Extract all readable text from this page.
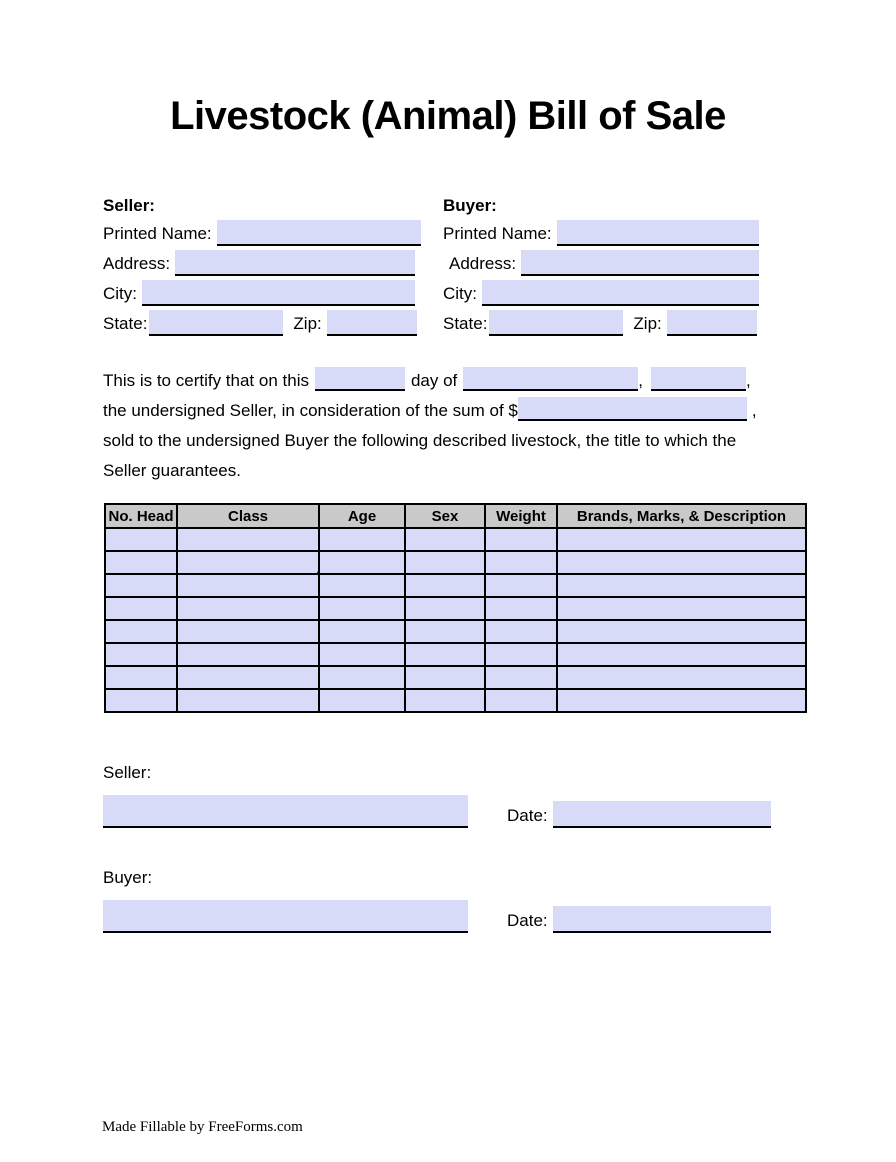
Livestock (Animal) Bill of Sale
Seller:
Printed Name:
Address:
City:
State:	Zip:
Buyer:
Printed Name:
Address:
City:
State:	Zip:
This is to certify that on this	day of	,	,
the undersigned Seller, in consideration of the sum of $	,
sold to the undersigned Buyer the following described livestock, the title to which the
Seller guarantees.
No. Head	Class	Age	Sex	Weight	Brands, Marks, & Description

.
Seller:
Date:
Buyer:
Date:
Made Fillable by FreeForms.com
